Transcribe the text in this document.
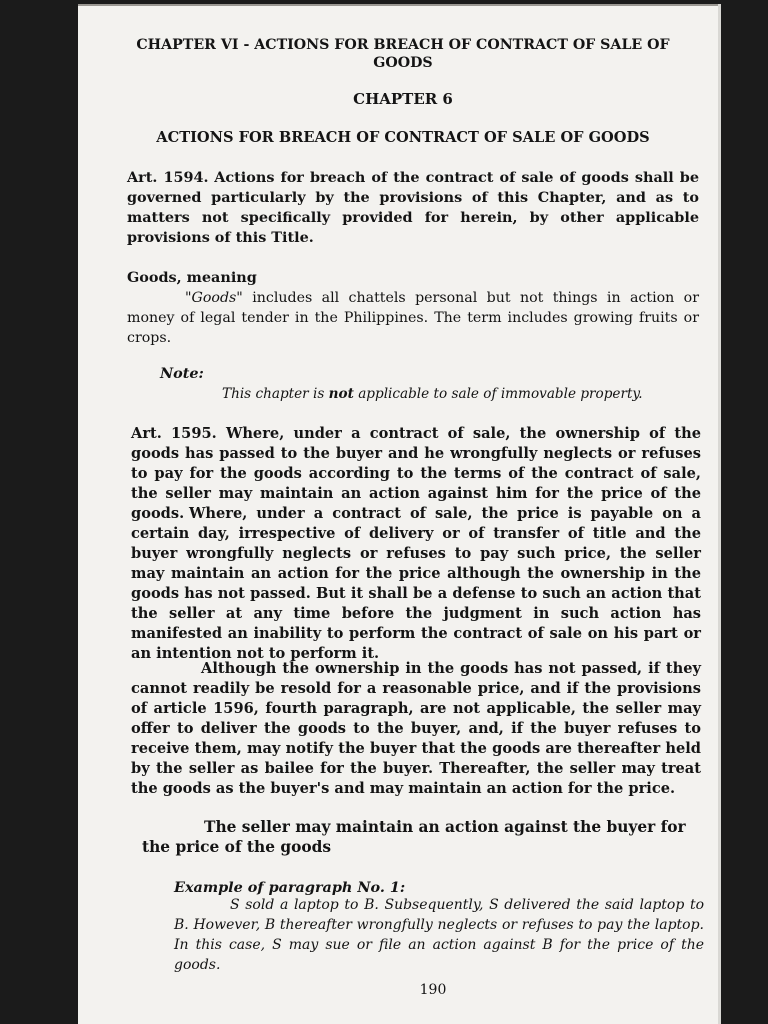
CHAPTER VI - ACTIONS FOR BREACH OF CONTRACT OF SALE OF
GOODS
CHAPTER 6
ACTIONS FOR BREACH OF CONTRACT OF SALE OF GOODS
Art. 1594. Actions for breach of the contract of sale of goods shall be governed particularly by the provisions of this Chapter, and as to matters not specifically provided for herein, by other applicable provisions of this Title.
Goods, meaning
"Goods" includes all chattels personal but not things in action or money of legal tender in the Philippines. The term includes growing fruits or crops.
Note:
This chapter is not applicable to sale of immovable property.
Art. 1595. Where, under a contract of sale, the ownership of the goods has passed to the buyer and he wrongfully neglects or refuses to pay for the goods according to the terms of the contract of sale, the seller may maintain an action against him for the price of the goods. Where, under a contract of sale, the price is payable on a certain day, irrespective of delivery or of transfer of title and the buyer wrongfully neglects or refuses to pay such price, the seller may maintain an action for the price although the ownership in the goods has not passed. But it shall be a defense to such an action that the seller at any time before the judgment in such action has manifested an inability to perform the contract of sale on his part or an intention not to perform it.
Although the ownership in the goods has not passed, if they cannot readily be resold for a reasonable price, and if the provisions of article 1596, fourth paragraph, are not applicable, the seller may offer to deliver the goods to the buyer, and, if the buyer refuses to receive them, may notify the buyer that the goods are thereafter held by the seller as bailee for the buyer. Thereafter, the seller may treat the goods as the buyer's and may maintain an action for the price.
The seller may maintain an action against the buyer for the price of the goods
Example of paragraph No. 1:
S sold a laptop to B. Subsequently, S delivered the said laptop to B. However, B thereafter wrongfully neglects or refuses to pay the laptop. In this case, S may sue or file an action against B for the price of the goods.
190
